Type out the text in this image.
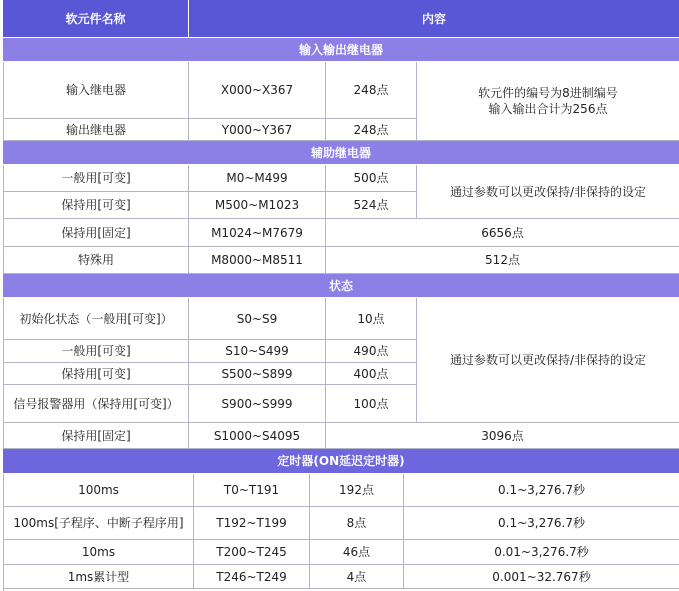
软元件名称	内容
输入输出继电器
输入继电器	X000~X367	248点
输出继电器	Y000~Y367	248点
软元件的编号为8进制编号
输入输出合计为256点
辅助继电器
一般用[可变]	M0~M499	500点
保持用[可变]	M500~M1023	524点
通过参数可以更改保持/非保持的设定
保持用[固定]	M1024~M7679	6656点
特殊用	M8000~M8511	512点
状态
初始化状态（一般用[可变]）	S0~S9	10点
一般用[可变]	S10~S499	490点
保持用[可变]	S500~S899	400点
信号报警器用（保持用[可变]）	S900~S999	100点
通过参数可以更改保持/非保持的设定
保持用[固定]	S1000~S4095	3096点
定时器(ON延迟定时器)
100ms	T0~T191	192点	0.1~3,276.7秒
100ms[子程序、中断子程序用]	T192~T199	8点	0.1~3,276.7秒
10ms	T200~T245	46点	0.01~3,276.7秒
1ms累计型	T246~T249	4点	0.001~32.767秒
